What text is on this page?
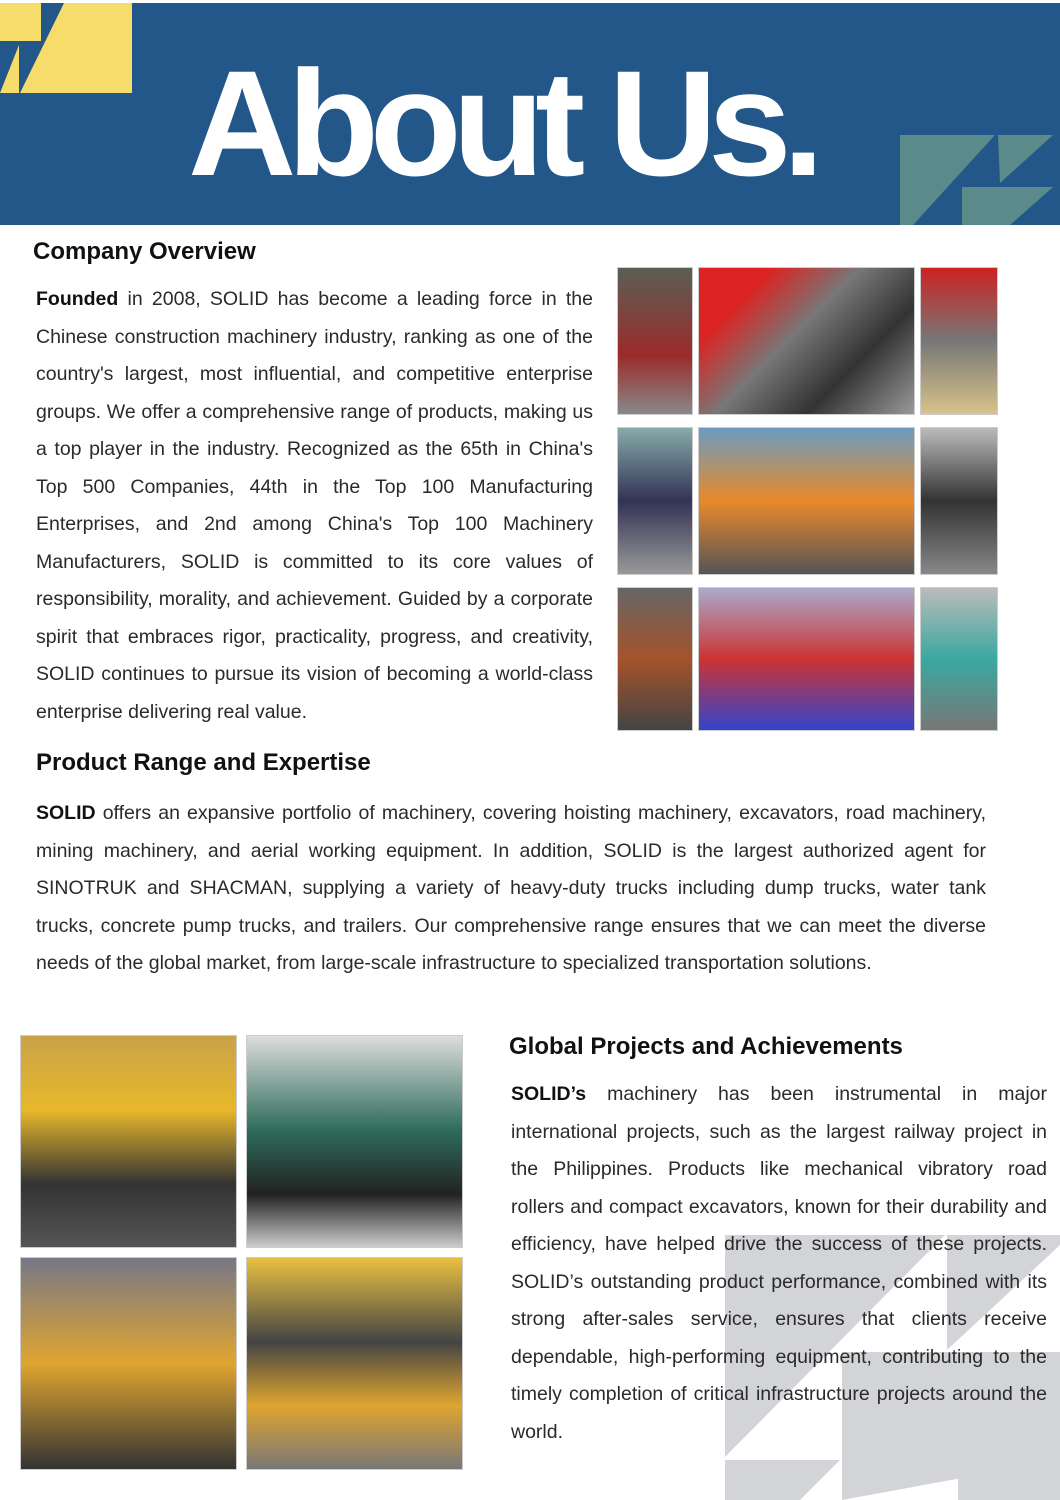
About Us.
Company Overview
Founded in 2008, SOLID has become a leading force in the Chinese construction machinery industry, ranking as one of the country's largest, most influential, and competitive enterprise groups. We offer a comprehensive range of products, making us a top player in the industry. Recognized as the 65th in China's Top 500 Companies, 44th in the Top 100 Manufacturing Enterprises, and 2nd among China's Top 100 Machinery Manufacturers, SOLID is committed to its core values of responsibility, morality, and achievement. Guided by a corporate spirit that embraces rigor, practicality, progress, and creativity, SOLID continues to pursue its vision of becoming a world-class enterprise delivering real value.
Product Range and Expertise
SOLID offers an expansive portfolio of machinery, covering hoisting machinery, excavators, road machinery, mining machinery, and aerial working equipment. In addition, SOLID is the largest authorized agent for SINOTRUK and SHACMAN, supplying a variety of heavy-duty trucks including dump trucks, water tank trucks, concrete pump trucks, and trailers. Our comprehensive range ensures that we can meet the diverse needs of the global market, from large-scale infrastructure to specialized transportation solutions.
Global Projects and Achievements
SOLID’s machinery has been instrumental in major international projects, such as the largest railway project in the Philippines. Products like mechanical vibratory road rollers and compact excavators, known for their durability and efficiency, have helped drive the success of these projects. SOLID’s outstanding product performance, combined with its strong after-sales service, ensures that clients receive dependable, high-performing equipment, contributing to the timely completion of critical infrastructure projects around the world.
